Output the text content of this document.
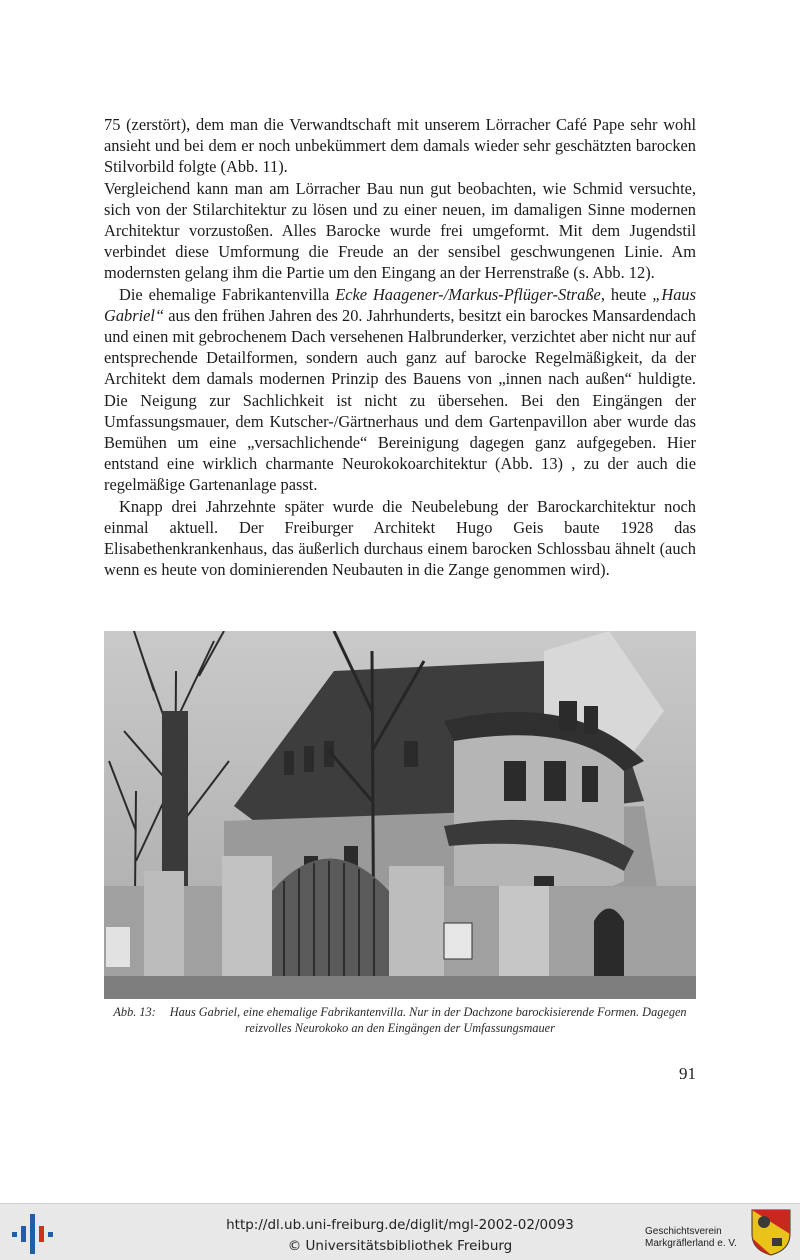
75 (zerstört), dem man die Verwandtschaft mit unserem Lörracher Café Pape sehr wohl ansieht und bei dem er noch unbekümmert dem damals wieder sehr geschätzten barocken Stilvorbild folgte (Abb. 11).

Vergleichend kann man am Lörracher Bau nun gut beobachten, wie Schmid versuchte, sich von der Stilarchitektur zu lösen und zu einer neuen, im damaligen Sinne modernen Architektur vorzustoßen. Alles Barocke wurde frei umgeformt. Mit dem Jugendstil verbindet diese Umformung die Freude an der sensibel geschwungenen Linie. Am modernsten gelang ihm die Partie um den Eingang an der Herrenstraße (s. Abb. 12).

Die ehemalige Fabrikantenvilla Ecke Haagener-/Markus-Pflüger-Straße, heute „Haus Gabriel“ aus den frühen Jahren des 20. Jahrhunderts, besitzt ein barockes Mansardendach und einen mit gebrochenem Dach versehenen Halbrunderker, verzichtet aber nicht nur auf entsprechende Detailformen, sondern auch ganz auf barocke Regelmäßigkeit, da der Architekt dem damals modernen Prinzip des Bauens von „innen nach außen“ huldigte. Die Neigung zur Sachlichkeit ist nicht zu übersehen. Bei den Eingängen der Umfassungsmauer, dem Kutscher-/Gärtnerhaus und dem Gartenpavillon aber wurde das Bemühen um eine „versachlichende“ Bereinigung dagegen ganz aufgegeben. Hier entstand eine wirklich charmante Neurokokoarchitektur (Abb. 13) , zu der auch die regelmäßige Gartenanlage passt.

Knapp drei Jahrzehnte später wurde die Neubelebung der Barockarchitektur noch einmal aktuell. Der Freiburger Architekt Hugo Geis baute 1928 das Elisabethenkrankenhaus, das äußerlich durchaus einem barocken Schlossbau ähnelt (auch wenn es heute von dominierenden Neubauten in die Zange genommen wird).

Abb. 13: Haus Gabriel, eine ehemalige Fabrikantenvilla. Nur in der Dachzone barockisierende Formen. Dagegen reizvolles Neurokoko an den Eingängen der Umfassungsmauer
91
http://dl.ub.uni-freiburg.de/diglit/mgl-2002-02/0093
© Universitätsbibliothek Freiburg
Geschichtsverein
Markgräflerland e. V.
